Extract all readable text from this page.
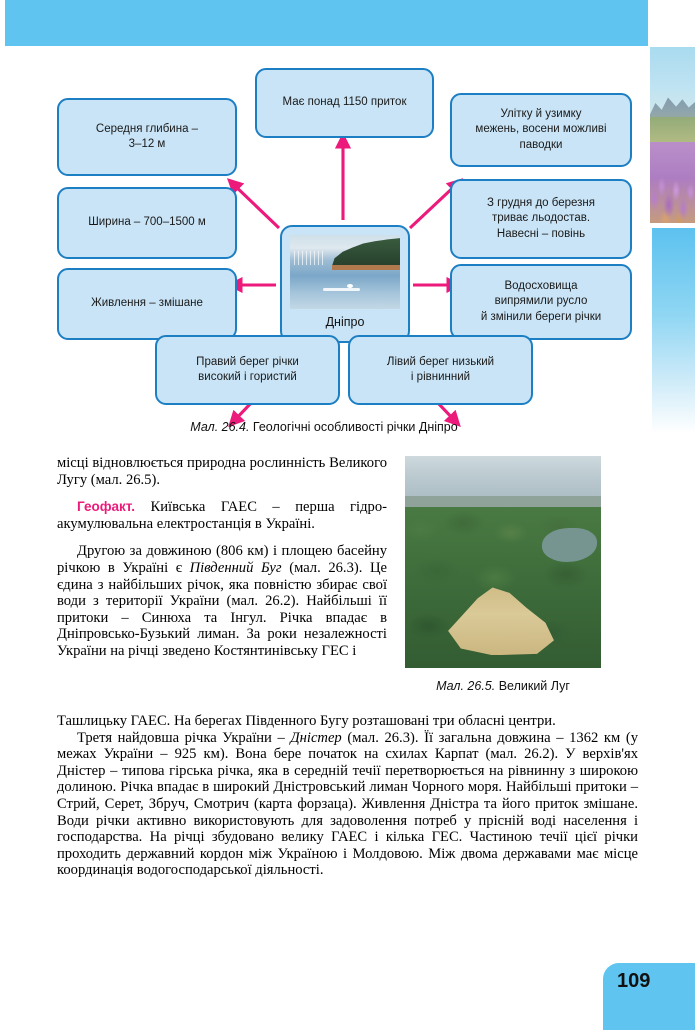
Має понад 1150 приток
Середня глибина –
3–12 м
Ширина – 700–1500 м
Живлення – змішане
Дніпро
Улітку й узимку
межень, восени можливі
паводки
З грудня до березня
триває льодостав.
Навесні – повінь
Водосховища
випрямили русло
й змінили береги річки
Правий берег річки
високий і гористий
Лівий берег низький
і рівнинний
Мал. 26.4. Геологічні особливості річки Дніпро

місці відновлюється природна рослинність Великого Лугу (мал. 26.5).

Геофакт. Київська ГАЕС – перша гідроакумулювальна електростанція в Україні.

Другою за довжиною (806 км) і площею басейну річкою в Україні є Південний Буг (мал. 26.3). Це єдина з найбільших річок, яка повністю збирає свої води з території України (мал. 26.2). Найбільші її притоки – Синюха та Інгул. Річка впадає в Дніпровсько-Бузький лиман. За роки незалежності України на річці зведено Костянтинівську ГЕС і

Мал. 26.5. Великий Луг

Ташлицьку ГАЕС. На берегах Південного Бугу розташовані три обласні центри.

Третя найдовша річка України – Дністер (мал. 26.3). Її загальна довжина – 1362 км (у межах України – 925 км). Вона бере початок на схилах Карпат (мал. 26.2). У верхів'ях Дністер – типова гірська річка, яка в середній течії перетворюється на рівнинну з широкою долиною. Річка впадає в широкий Дністровський лиман Чорного моря. Найбільші притоки – Стрий, Серет, Збруч, Смотрич (карта форзаца). Живлення Дністра та його приток змішане. Води річки активно використовують для задоволення потреб у прісній воді населення і господарства. На річці збудовано велику ГАЕС і кілька ГЕС. Частиною течії цієї річки проходить державний кордон між Україною і Молдовою. Між двома державами має місце координація водогосподарської діяльності.

109
